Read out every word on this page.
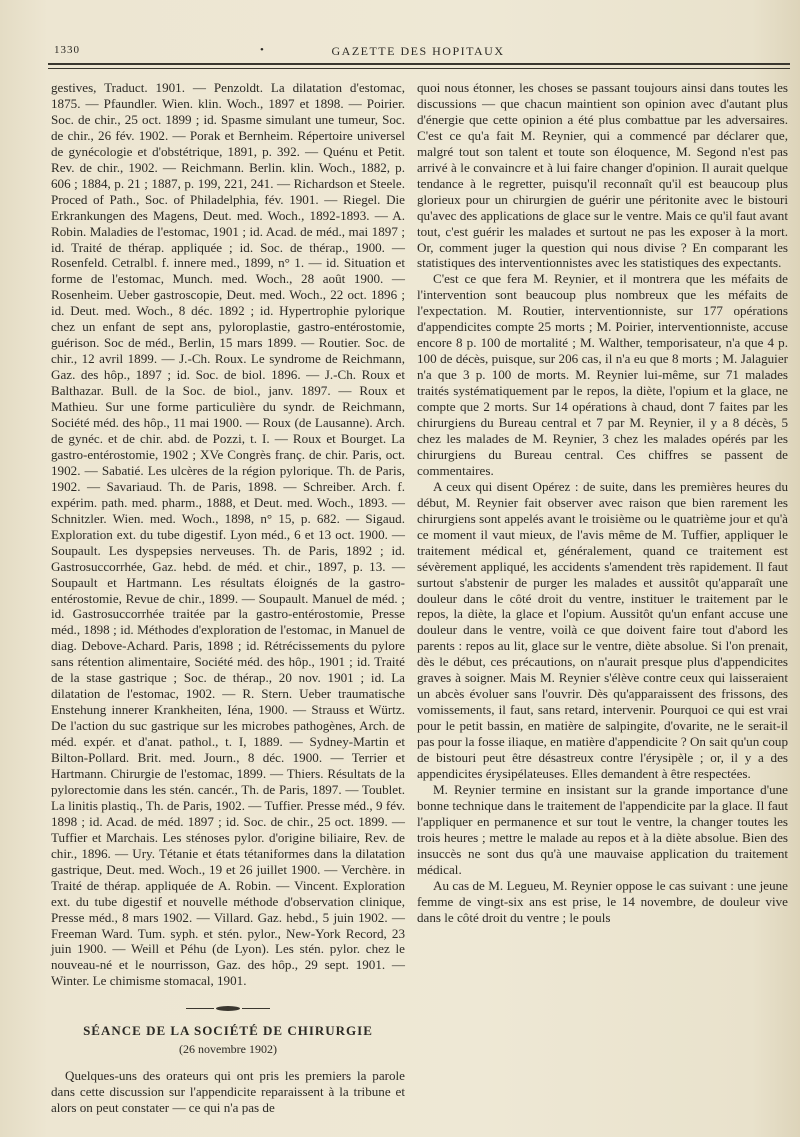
1330	•	GAZETTE DES HOPITAUX

gestives, Traduct. 1901. — Penzoldt. La dilatation d'estomac, 1875. — Pfaundler. Wien. klin. Woch., 1897 et 1898. — Poirier. Soc. de chir., 25 oct. 1899 ; id. Spasme simulant une tumeur, Soc. de chir., 26 fév. 1902. — Porak et Bernheim. Répertoire universel de gynécologie et d'obstétrique, 1891, p. 392. — Quénu et Petit. Rev. de chir., 1902. — Reichmann. Berlin. klin. Woch., 1882, p. 606 ; 1884, p. 21 ; 1887, p. 199, 221, 241. — Richardson et Steele. Proced of Path., Soc. of Philadelphia, fév. 1901. — Riegel. Die Erkrankungen des Magens, Deut. med. Woch., 1892-1893. — A. Robin. Maladies de l'estomac, 1901 ; id. Acad. de méd., mai 1897 ; id. Traité de thérap. appliquée ; id. Soc. de thérap., 1900. — Rosenfeld. Cetralbl. f. innere med., 1899, n° 1. — id. Situation et forme de l'estomac, Munch. med. Woch., 28 août 1900. — Rosenheim. Ueber gastroscopie, Deut. med. Woch., 22 oct. 1896 ; id. Deut. med. Woch., 8 déc. 1892 ; id. Hypertrophie pylorique chez un enfant de sept ans, pyloroplastie, gastro-entérostomie, guérison. Soc de méd., Berlin, 15 mars 1899. — Routier. Soc. de chir., 12 avril 1899. — J.-Ch. Roux. Le syndrome de Reichmann, Gaz. des hôp., 1897 ; id. Soc. de biol. 1896. — J.-Ch. Roux et Balthazar. Bull. de la Soc. de biol., janv. 1897. — Roux et Mathieu. Sur une forme particulière du syndr. de Reichmann, Société méd. des hôp., 11 mai 1900. — Roux (de Lausanne). Arch. de gynéc. et de chir. abd. de Pozzi, t. I. — Roux et Bourget. La gastro-entérostomie, 1902 ; XVe Congrès franç. de chir. Paris, oct. 1902. — Sabatié. Les ulcères de la région pylorique. Th. de Paris, 1902. — Savariaud. Th. de Paris, 1898. — Schreiber. Arch. f. expérim. path. med. pharm., 1888, et Deut. med. Woch., 1893. — Schnitzler. Wien. med. Woch., 1898, n° 15, p. 682. — Sigaud. Exploration ext. du tube digestif. Lyon méd., 6 et 13 oct. 1900. — Soupault. Les dyspepsies nerveuses. Th. de Paris, 1892 ; id. Gastrosuccorrhée, Gaz. hebd. de méd. et chir., 1897, p. 13. — Soupault et Hartmann. Les résultats éloignés de la gastro-entérostomie, Revue de chir., 1899. — Soupault. Manuel de méd. ; id. Gastrosuccorrhée traitée par la gastro-entérostomie, Presse méd., 1898 ; id. Méthodes d'exploration de l'estomac, in Manuel de diag. Debove-Achard. Paris, 1898 ; id. Rétrécissements du pylore sans rétention alimentaire, Société méd. des hôp., 1901 ; id. Traité de la stase gastrique ; Soc. de thérap., 20 nov. 1901 ; id. La dilatation de l'estomac, 1902. — R. Stern. Ueber traumatische Enstehung innerer Krankheiten, Iéna, 1900. — Strauss et Würtz. De l'action du suc gastrique sur les microbes pathogènes, Arch. de méd. expér. et d'anat. pathol., t. I, 1889. — Sydney-Martin et Bilton-Pollard. Brit. med. Journ., 8 déc. 1900. — Terrier et Hartmann. Chirurgie de l'estomac, 1899. — Thiers. Résultats de la pylorectomie dans les stén. cancér., Th. de Paris, 1897. — Toublet. La linitis plastiq., Th. de Paris, 1902. — Tuffier. Presse méd., 9 fév. 1898 ; id. Acad. de méd. 1897 ; id. Soc. de chir., 25 oct. 1899. — Tuffier et Marchais. Les sténoses pylor. d'origine biliaire, Rev. de chir., 1896. — Ury. Tétanie et états tétaniformes dans la dilatation gastrique, Deut. med. Woch., 19 et 26 juillet 1900. — Verchère. in Traité de thérap. appliquée de A. Robin. — Vincent. Exploration ext. du tube digestif et nouvelle méthode d'observation clinique, Presse méd., 8 mars 1902. — Villard. Gaz. hebd., 5 juin 1902. — Freeman Ward. Tum. syph. et stén. pylor., New-York Record, 23 juin 1900. — Weill et Péhu (de Lyon). Les stén. pylor. chez le nouveau-né et le nourrisson, Gaz. des hôp., 29 sept. 1901. — Winter. Le chimisme stomacal, 1901.

SÉANCE DE LA SOCIÉTÉ DE CHIRURGIE
(26 novembre 1902)

Quelques-uns des orateurs qui ont pris les premiers la parole dans cette discussion sur l'appendicite reparaissent à la tribune et alors on peut constater — ce qui n'a pas de

quoi nous étonner, les choses se passant toujours ainsi dans toutes les discussions — que chacun maintient son opinion avec d'autant plus d'énergie que cette opinion a été plus combattue par les adversaires. C'est ce qu'a fait M. Reynier, qui a commencé par déclarer que, malgré tout son talent et toute son éloquence, M. Segond n'est pas arrivé à le convaincre et à lui faire changer d'opinion. Il aurait quelque tendance à le regretter, puisqu'il reconnaît qu'il est beaucoup plus glorieux pour un chirurgien de guérir une péritonite avec le bistouri qu'avec des applications de glace sur le ventre. Mais ce qu'il faut avant tout, c'est guérir les malades et surtout ne pas les exposer à la mort. Or, comment juger la question qui nous divise ? En comparant les statistiques des interventionnistes avec les statistiques des expectants.

C'est ce que fera M. Reynier, et il montrera que les méfaits de l'intervention sont beaucoup plus nombreux que les méfaits de l'expectation. M. Routier, interventionniste, sur 177 opérations d'appendicites compte 25 morts ; M. Poirier, interventionniste, accuse encore 8 p. 100 de mortalité ; M. Walther, temporisateur, n'a que 4 p. 100 de décès, puisque, sur 206 cas, il n'a eu que 8 morts ; M. Jalaguier n'a que 3 p. 100 de morts. M. Reynier lui-même, sur 71 malades traités systématiquement par le repos, la diète, l'opium et la glace, ne compte que 2 morts. Sur 14 opérations à chaud, dont 7 faites par les chirurgiens du Bureau central et 7 par M. Reynier, il y a 8 décès, 5 chez les malades de M. Reynier, 3 chez les malades opérés par les chirurgiens du Bureau central. Ces chiffres se passent de commentaires.

A ceux qui disent Opérez : de suite, dans les premières heures du début, M. Reynier fait observer avec raison que bien rarement les chirurgiens sont appelés avant le troisième ou le quatrième jour et qu'à ce moment il vaut mieux, de l'avis même de M. Tuffier, appliquer le traitement médical et, généralement, quand ce traitement est sévèrement appliqué, les accidents s'amendent très rapidement. Il faut surtout s'abstenir de purger les malades et aussitôt qu'apparaît une douleur dans le côté droit du ventre, instituer le traitement par le repos, la diète, la glace et l'opium. Aussitôt qu'un enfant accuse une douleur dans le ventre, voilà ce que doivent faire tout d'abord les parents : repos au lit, glace sur le ventre, diète absolue. Si l'on prenait, dès le début, ces précautions, on n'aurait presque plus d'appendicites graves à soigner. Mais M. Reynier s'élève contre ceux qui laisseraient un abcès évoluer sans l'ouvrir. Dès qu'apparaissent des frissons, des vomissements, il faut, sans retard, intervenir. Pourquoi ce qui est vrai pour le petit bassin, en matière de salpingite, d'ovarite, ne le serait-il pas pour la fosse iliaque, en matière d'appendicite ? On sait qu'un coup de bistouri peut être désastreux contre l'érysipèle ; or, il y a des appendicites érysipélateuses. Elles demandent à être respectées.

M. Reynier termine en insistant sur la grande importance d'une bonne technique dans le traitement de l'appendicite par la glace. Il faut l'appliquer en permanence et sur tout le ventre, la changer toutes les trois heures ; mettre le malade au repos et à la diète absolue. Bien des insuccès ne sont dus qu'à une mauvaise application du traitement médical.

Au cas de M. Legueu, M. Reynier oppose le cas suivant : une jeune femme de vingt-six ans est prise, le 14 novembre, de douleur vive dans le côté droit du ventre ; le pouls
